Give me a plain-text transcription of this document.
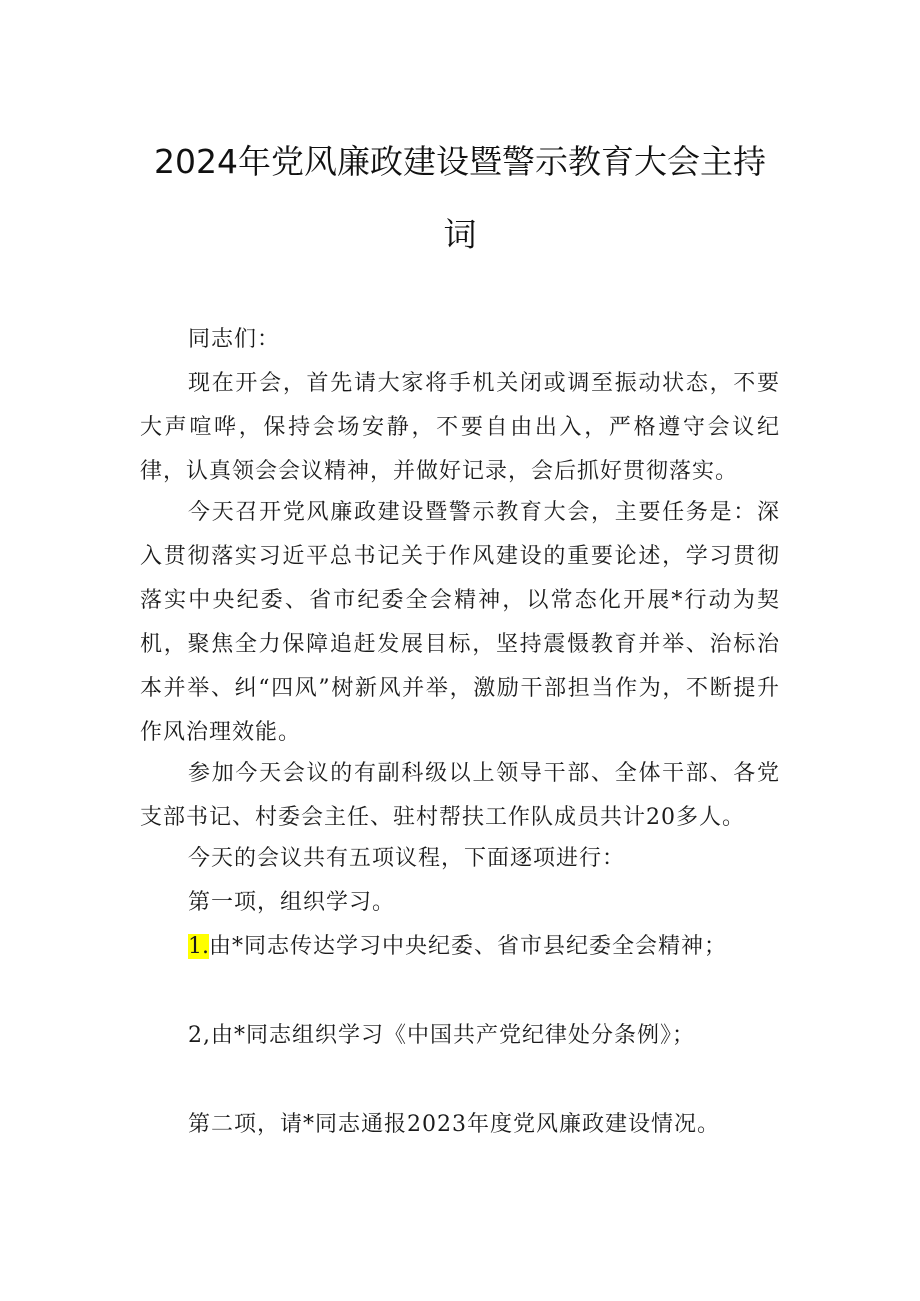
2024年党风廉政建设暨警示教育大会主持
词

同志们：

现在开会，首先请大家将手机关闭或调至振动状态，不要大声喧哗，保持会场安静，不要自由出入，严格遵守会议纪律，认真领会会议精神，并做好记录，会后抓好贯彻落实。

今天召开党风廉政建设暨警示教育大会，主要任务是：深入贯彻落实习近平总书记关于作风建设的重要论述，学习贯彻落实中央纪委、省市纪委全会精神，以常态化开展*行动为契机，聚焦全力保障追赶发展目标，坚持震慑教育并举、治标治本并举、纠“四风”树新风并举，激励干部担当作为，不断提升作风治理效能。

参加今天会议的有副科级以上领导干部、全体干部、各党支部书记、村委会主任、驻村帮扶工作队成员共计20多人。

今天的会议共有五项议程，下面逐项进行：

第一项，组织学习。

1.由*同志传达学习中央纪委、省市县纪委全会精神；

2,由*同志组织学习《中国共产党纪律处分条例》；

第二项，请*同志通报2023年度党风廉政建设情况。
